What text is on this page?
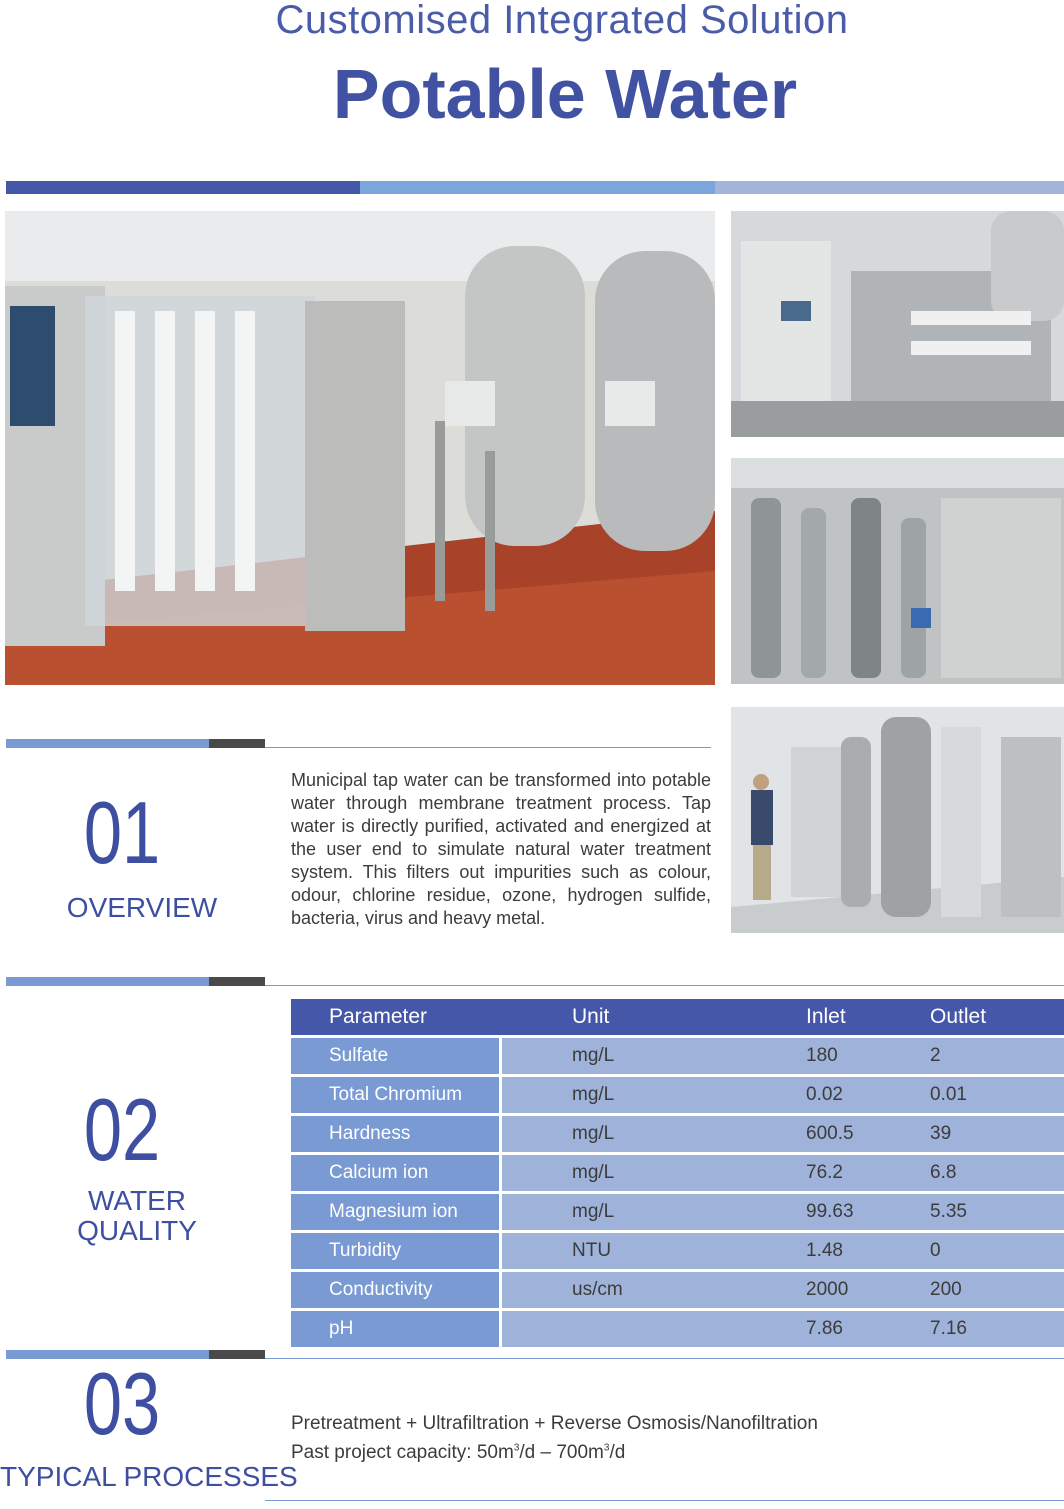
Customised Integrated Solution
Potable Water
01
OVERVIEW
Municipal tap water can be transformed into potable water through membrane treatment process. Tap water is directly purified, activated and energized at the user end to simulate natural water treatment system. This filters out impurities such as colour, odour, chlorine residue, ozone, hydrogen sulfide, bacteria, virus and heavy metal.
02
WATER
QUALITY
Parameter	Unit	Inlet	Outlet
Sulfate	mg/L	180	2
Total Chromium	mg/L	0.02	0.01
Hardness	mg/L	600.5	39
Calcium ion	mg/L	76.2	6.8
Magnesium ion	mg/L	99.63	5.35
Turbidity	NTU	1.48	0
Conductivity	us/cm	2000	200
pH		7.86	7.16
03
TYPICAL PROCESSES
Pretreatment + Ultrafiltration + Reverse Osmosis/Nanofiltration
Past project capacity: $50m^3/d - 700m^3/d$
